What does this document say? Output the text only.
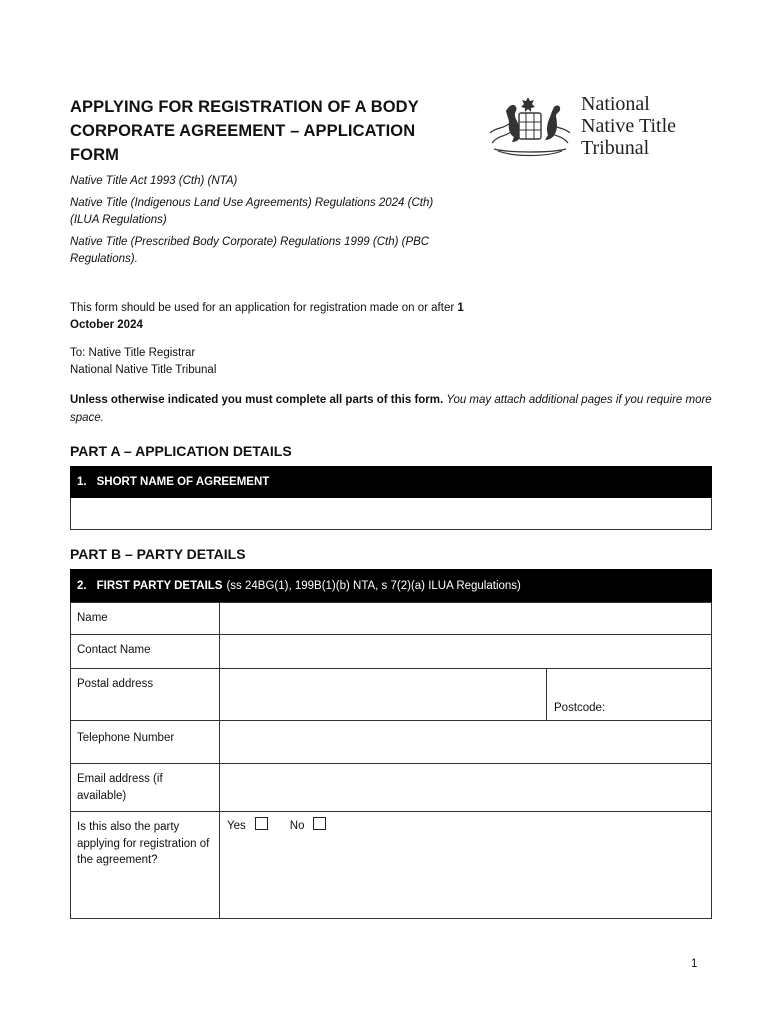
APPLYING FOR REGISTRATION OF A BODY CORPORATE AGREEMENT – APPLICATION FORM
National
Native Title
Tribunal

Native Title Act 1993 (Cth) (NTA)

Native Title (Indigenous Land Use Agreements) Regulations 2024 (Cth) (ILUA Regulations)

Native Title (Prescribed Body Corporate) Regulations 1999 (Cth) (PBC Regulations).

This form should be used for an application for registration made on or after 1 October 2024

To: Native Title Registrar
National Native Title Tribunal

Unless otherwise indicated you must complete all parts of this form. You may attach additional pages if you require more space.
PART A – APPLICATION DETAILS
1. SHORT NAME OF AGREEMENT
PART B – PARTY DETAILS
2. FIRST PARTY DETAILS (ss 24BG(1), 199B(1)(b) NTA, s 7(2)(a) ILUA Regulations)
Name	
Contact Name	
Postal address	Postcode:

Telephone Number	
Email address (if available)	
Is this also the party applying for registration of the agreement?	Yes No
1
